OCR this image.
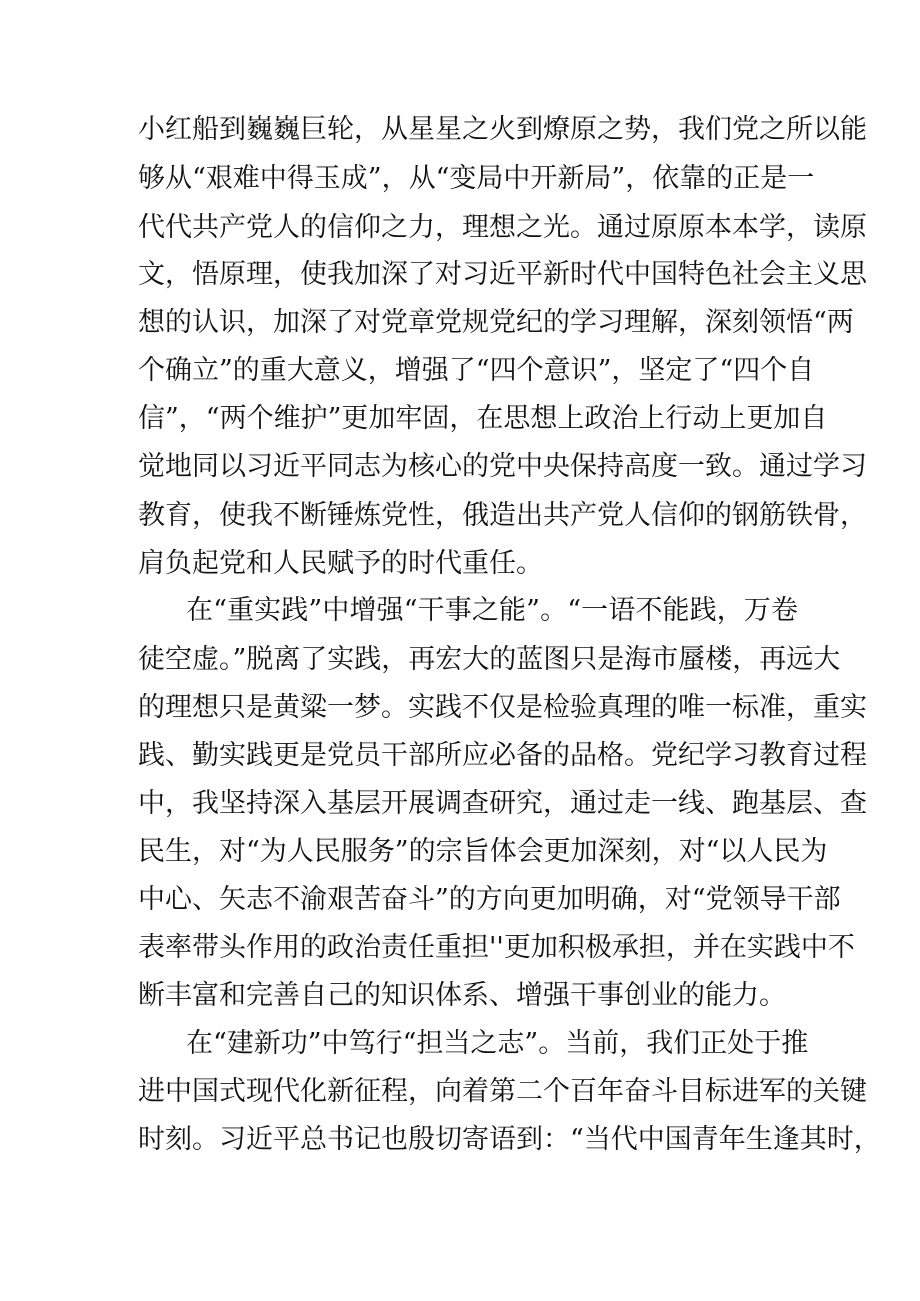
小红船到巍巍巨轮，从星星之火到燎原之势，我们党之所以能
够从“艰难中得玉成”，从“变局中开新局”，依靠的正是一
代代共产党人的信仰之力，理想之光。通过原原本本学，读原
文，悟原理，使我加深了对习近平新时代中国特色社会主义思
想的认识，加深了对党章党规党纪的学习理解，深刻领悟“两
个确立”的重大意义，增强了“四个意识”，坚定了“四个自
信”，“两个维护”更加牢固，在思想上政治上行动上更加自
觉地同以习近平同志为核心的党中央保持高度一致。通过学习
教育，使我不断锤炼党性，俄造出共产党人信仰的钢筋铁骨，
肩负起党和人民赋予的时代重任。
在“重实践”中增强“干事之能”。“一语不能践，万卷
徒空虚。”脱离了实践，再宏大的蓝图只是海市蜃楼，再远大
的理想只是黄粱一梦。实践不仅是检验真理的唯一标准，重实
践、勤实践更是党员干部所应必备的品格。党纪学习教育过程
中，我坚持深入基层开展调查研究，通过走一线、跑基层、查
民生，对“为人民服务”的宗旨体会更加深刻，对“以人民为
中心、矢志不渝艰苦奋斗”的方向更加明确，对“党领导干部
表率带头作用的政治责任重担''更加积极承担，并在实践中不
断丰富和完善自己的知识体系、增强干事创业的能力。
在“建新功”中笃行“担当之志”。当前，我们正处于推
进中国式现代化新征程，向着第二个百年奋斗目标进军的关键
时刻。习近平总书记也殷切寄语到：“当代中国青年生逢其时，
